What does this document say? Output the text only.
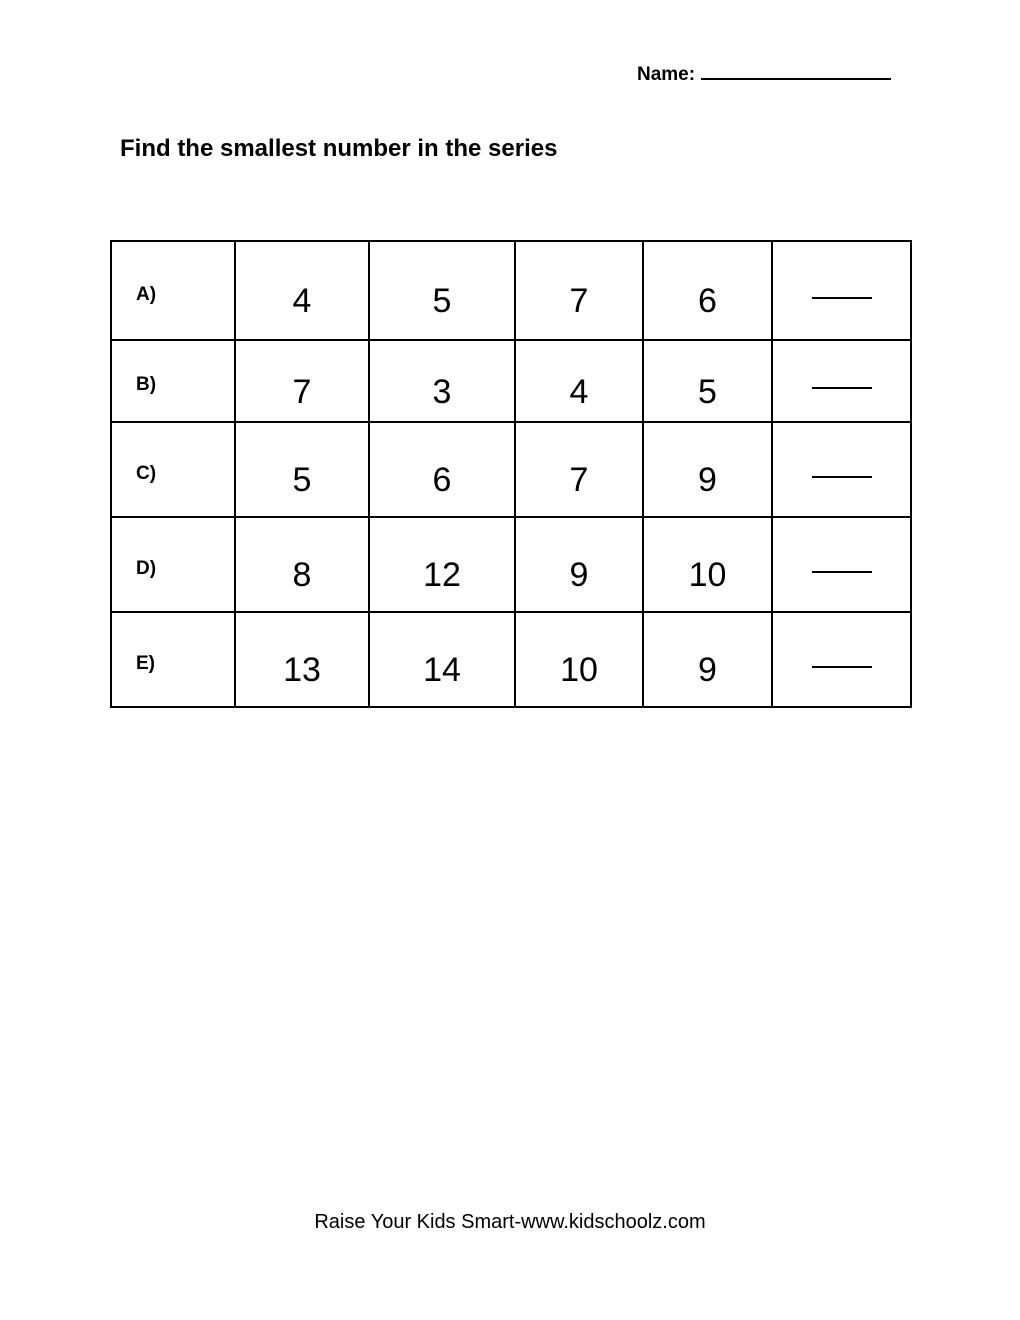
Name:
Find the smallest number in the series
A)	4	5	7	6	
B)	7	3	4	5	
C)	5	6	7	9	
D)	8	12	9	10	
E)	13	14	10	9	
Raise Your Kids Smart-www.kidschoolz.com
